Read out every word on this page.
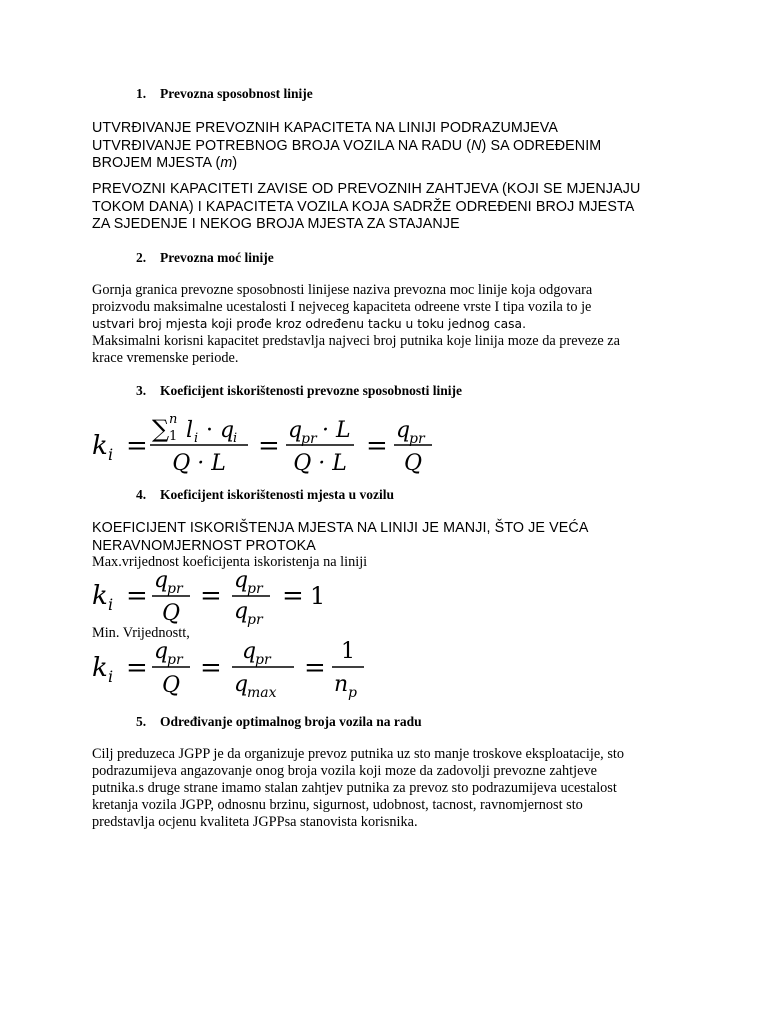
1. Prevozna sposobnost linije
UTVRĐIVANJE PREVOZNIH KAPACITETA NA LINIJI PODRAZUMJEVA
UTVRĐIVANJE POTREBNOG BROJA VOZILA NA RADU (N) SA ODREĐENIM
BROJEM MJESTA (m)
PREVOZNI KAPACITETI ZAVISE OD PREVOZNIH ZAHTJEVA (KOJI SE MJENJAJU
TOKOM DANA) I KAPACITETA VOZILA KOJA SADRŽE ODREĐENI BROJ MJESTA
ZA SJEDENJE I NEKOG BROJA MJESTA ZA STAJANJE
2. Prevozna moć linije
Gornja granica prevozne sposobnosti linijese naziva prevozna moc linije koja odgovara
proizvodu maksimalne ucestalosti I nejveceg kapaciteta odreene vrste I tipa vozila to je
ustvari broj mjesta koji prođe kroz određenu tacku u toku jednog casa.
Maksimalni korisni kapacitet predstavlja najveci broj putnika koje linija moze da preveze za
krace vremenske periode.
3. Koeficijent iskorištenosti prevozne sposobnosti linije
k i =
∑ 1
n l i · q
i
Q · L
=
q
pr · L
Q · L
=
q
pr
Q
4. Koeficijent iskorištenosti mjesta u vozilu
KOEFICIJENT ISKORIŠTENJA MJESTA NA LINIJI JE MANJI, ŠTO JE VEĆA
NERAVNOMJERNOST PROTOKA
Max.vrijednost koeficijenta iskoristenja na liniji
k i =
q
pr
Q
=
q
pr
q
pr
= 1
Min. Vrijednostt,
k i =
q
pr
Q
=
q
pr
q
max
=
1
n p
5. Određivanje optimalnog broja vozila na radu
Cilj preduzeca JGPP je da organizuje prevoz putnika uz sto manje troskove eksploatacije, sto
podrazumijeva angazovanje onog broja vozila koji moze da zadovolji prevozne zahtjeve
putnika.s druge strane imamo stalan zahtjev putnika za prevoz sto podrazumijeva ucestalost
kretanja vozila JGPP, odnosnu brzinu, sigurnost, udobnost, tacnost, ravnomjernost sto
predstavlja ocjenu kvaliteta JGPPsa stanovista korisnika.
